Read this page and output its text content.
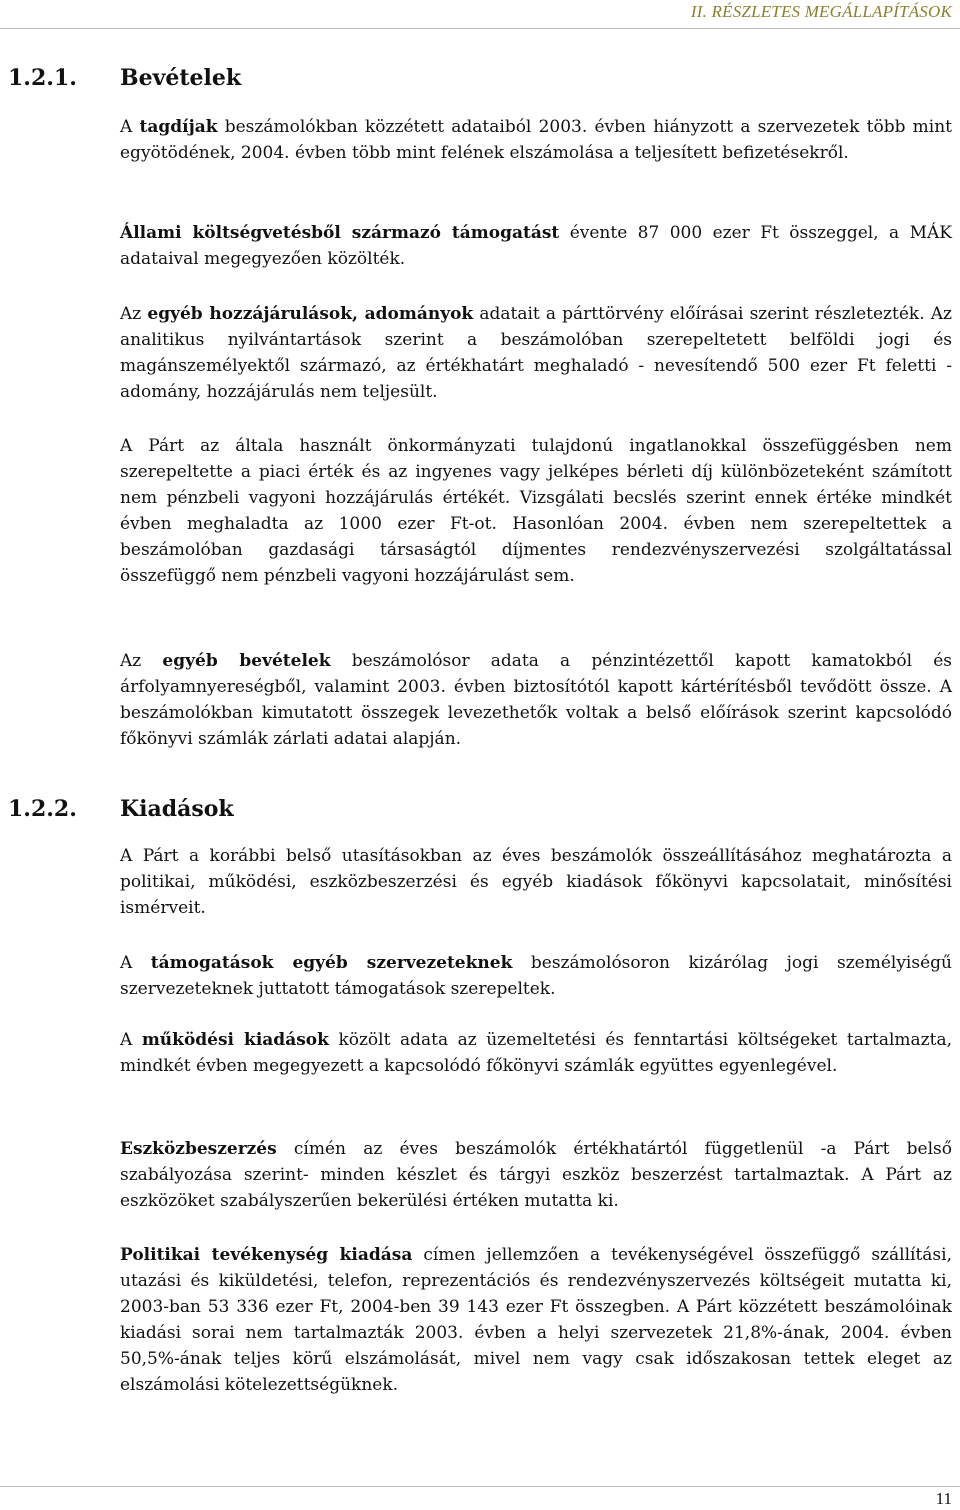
II. RÉSZLETES MEGÁLLAPÍTÁSOK
1.2.1. Bevételek

A tagdíjak beszámolókban közzétett adataiból 2003. évben hiányzott a szervezetek több mint egyötödének, 2004. évben több mint felének elszámolása a teljesített befizetésekről.

Állami költségvetésből származó támogatást évente 87 000 ezer Ft összeggel, a MÁK adataival megegyezően közölték.

Az egyéb hozzájárulások, adományok adatait a párttörvény előírásai szerint részletezték. Az analitikus nyilvántartások szerint a beszámolóban szerepeltetett belföldi jogi és magánszemélyektől származó, az értékhatárt meghaladó - nevesítendő 500 ezer Ft feletti - adomány, hozzájárulás nem teljesült.

A Párt az általa használt önkormányzati tulajdonú ingatlanokkal összefüggésben nem szerepeltette a piaci érték és az ingyenes vagy jelképes bérleti díj különbözeteként számított nem pénzbeli vagyoni hozzájárulás értékét. Vizsgálati becslés szerint ennek értéke mindkét évben meghaladta az 1000 ezer Ft-ot. Hasonlóan 2004. évben nem szerepeltettek a beszámolóban gazdasági társaságtól díjmentes rendezvényszervezési szolgáltatással összefüggő nem pénzbeli vagyoni hozzájárulást sem.

Az egyéb bevételek beszámolósor adata a pénzintézettől kapott kamatokból és árfolyamnyereségből, valamint 2003. évben biztosítótól kapott kártérítésből tevődött össze. A beszámolókban kimutatott összegek levezethetők voltak a belső előírások szerint kapcsolódó főkönyvi számlák zárlati adatai alapján.

1.2.2. Kiadások

A Párt a korábbi belső utasításokban az éves beszámolók összeállításához meghatározta a politikai, működési, eszközbeszerzési és egyéb kiadások főkönyvi kapcsolatait, minősítési ismérveit.

A támogatások egyéb szervezeteknek beszámolósoron kizárólag jogi személyiségű szervezeteknek juttatott támogatások szerepeltek.

A működési kiadások közölt adata az üzemeltetési és fenntartási költségeket tartalmazta, mindkét évben megegyezett a kapcsolódó főkönyvi számlák együttes egyenlegével.

Eszközbeszerzés címén az éves beszámolók értékhatártól függetlenül -a Párt belső szabályozása szerint- minden készlet és tárgyi eszköz beszerzést tartalmaztak. A Párt az eszközöket szabályszerűen bekerülési értéken mutatta ki.

Politikai tevékenység kiadása címen jellemzően a tevékenységével összefüggő szállítási, utazási és kiküldetési, telefon, reprezentációs és rendezvényszervezés költségeit mutatta ki, 2003-ban 53 336 ezer Ft, 2004-ben 39 143 ezer Ft összegben. A Párt közzétett beszámolóinak kiadási sorai nem tartalmazták 2003. évben a helyi szervezetek 21,8%-ának, 2004. évben 50,5%-ának teljes körű elszámolását, mivel nem vagy csak időszakosan tettek eleget az elszámolási kötelezettségüknek.

11
